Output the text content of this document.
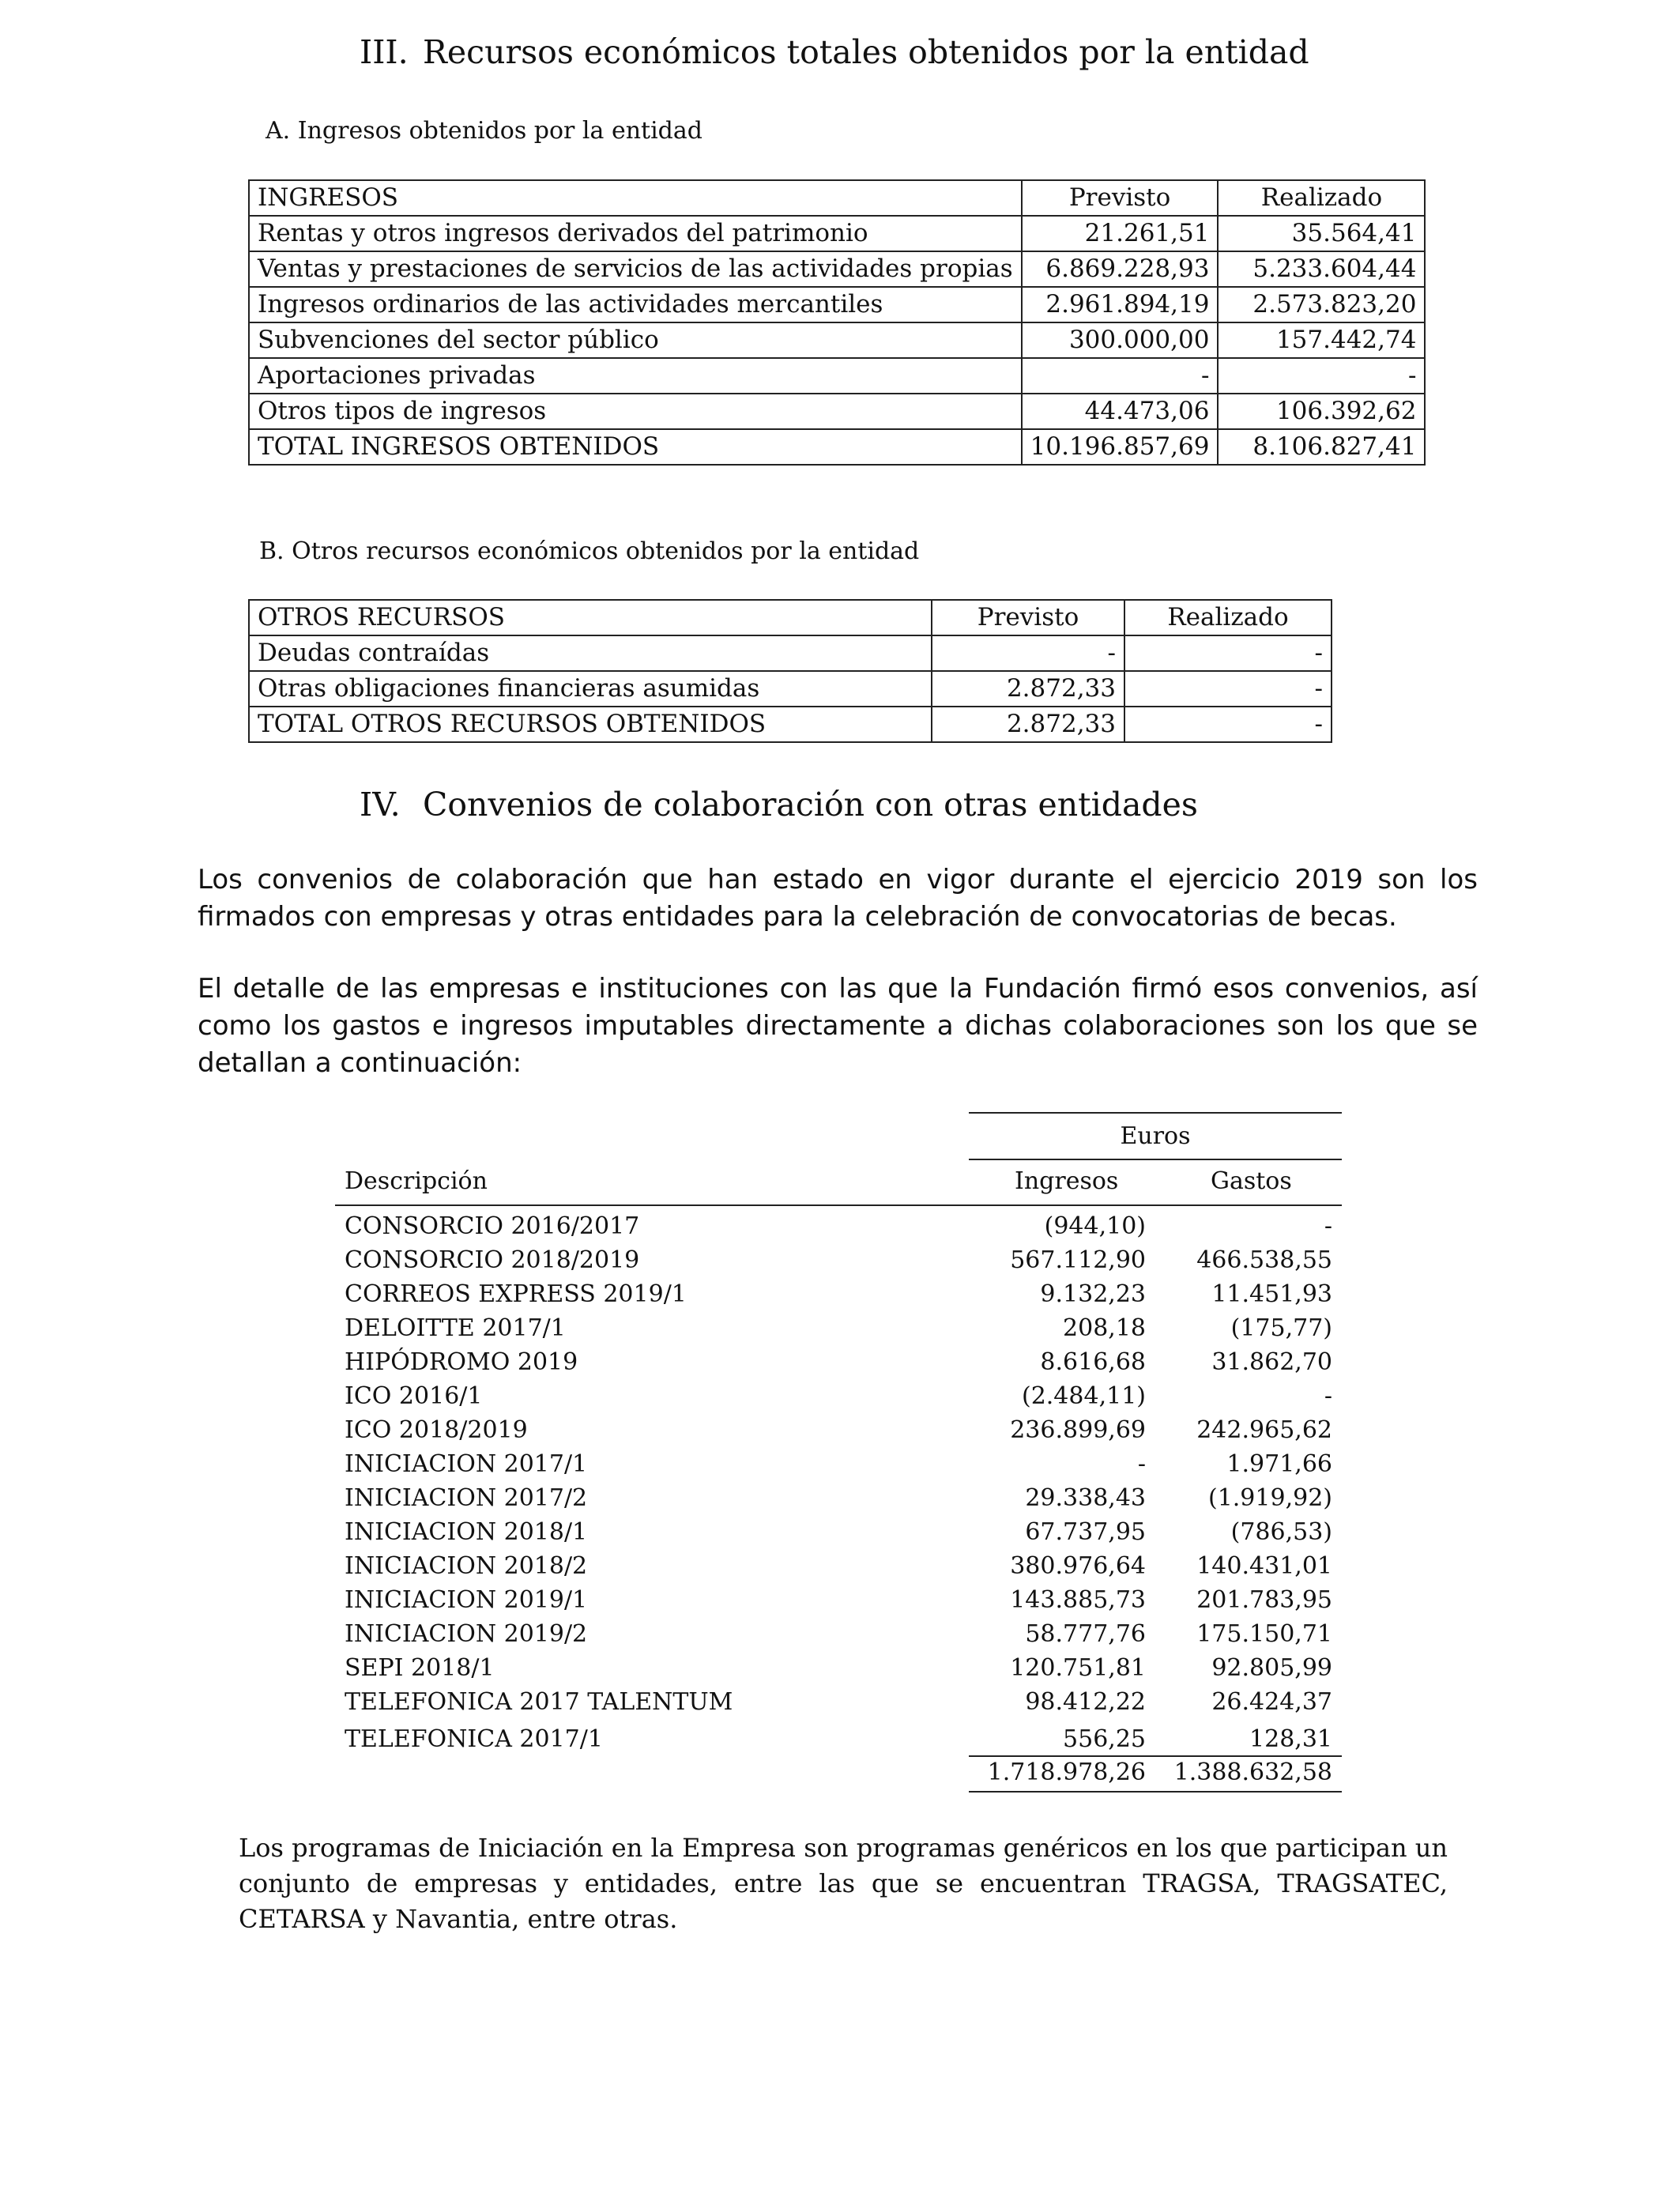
III. Recursos económicos totales obtenidos por la entidad
A. Ingresos obtenidos por la entidad
INGRESOS	Previsto	Realizado
Rentas y otros ingresos derivados del patrimonio	21.261,51	35.564,41
Ventas y prestaciones de servicios de las actividades propias	6.869.228,93	5.233.604,44
Ingresos ordinarios de las actividades mercantiles	2.961.894,19	2.573.823,20
Subvenciones del sector público	300.000,00	157.442,74
Aportaciones privadas	-	-
Otros tipos de ingresos	44.473,06	106.392,62
TOTAL INGRESOS OBTENIDOS	10.196.857,69	8.106.827,41
B. Otros recursos económicos obtenidos por la entidad
OTROS RECURSOS	Previsto	Realizado
Deudas contraídas	-	-
Otras obligaciones financieras asumidas	2.872,33	-
TOTAL OTROS RECURSOS OBTENIDOS	2.872,33	-
IV. Convenios de colaboración con otras entidades
Los convenios de colaboración que han estado en vigor durante el ejercicio 2019 son los firmados con empresas y otras entidades para la celebración de convocatorias de becas.
El detalle de las empresas e instituciones con las que la Fundación firmó esos convenios, así como los gastos e ingresos imputables directamente a dichas colaboraciones son los que se detallan a continuación:
Euros
Descripción	Ingresos	Gastos
CONSORCIO 2016/2017	(944,10)	-
CONSORCIO 2018/2019	567.112,90 466.538,55
CORREOS EXPRESS 2019/1	9.132,23	11.451,93
DELOITTE 2017/1	208,18	(175,77)
HIPÓDROMO 2019	8.616,68	31.862,70
ICO 2016/1	(2.484,11)	-
ICO 2018/2019	236.899,69 242.965,62
INICIACION 2017/1	-	1.971,66
INICIACION 2017/2	29.338,43	(1.919,92)
INICIACION 2018/1	67.737,95	(786,53)
INICIACION 2018/2	380.976,64 140.431,01
INICIACION 2019/1	143.885,73 201.783,95
INICIACION 2019/2	58.777,76 175.150,71
SEPI 2018/1	120.751,81	92.805,99
TELEFONICA 2017 TALENTUM	98.412,22	26.424,37
TELEFONICA 2017/1	556,25	128,31
1.718.978,26 1.388.632,58
Los programas de Iniciación en la Empresa son programas genéricos en los que participan un conjunto de empresas y entidades, entre las que se encuentran TRAGSA, TRAGSATEC, CETARSA y Navantia, entre otras.
